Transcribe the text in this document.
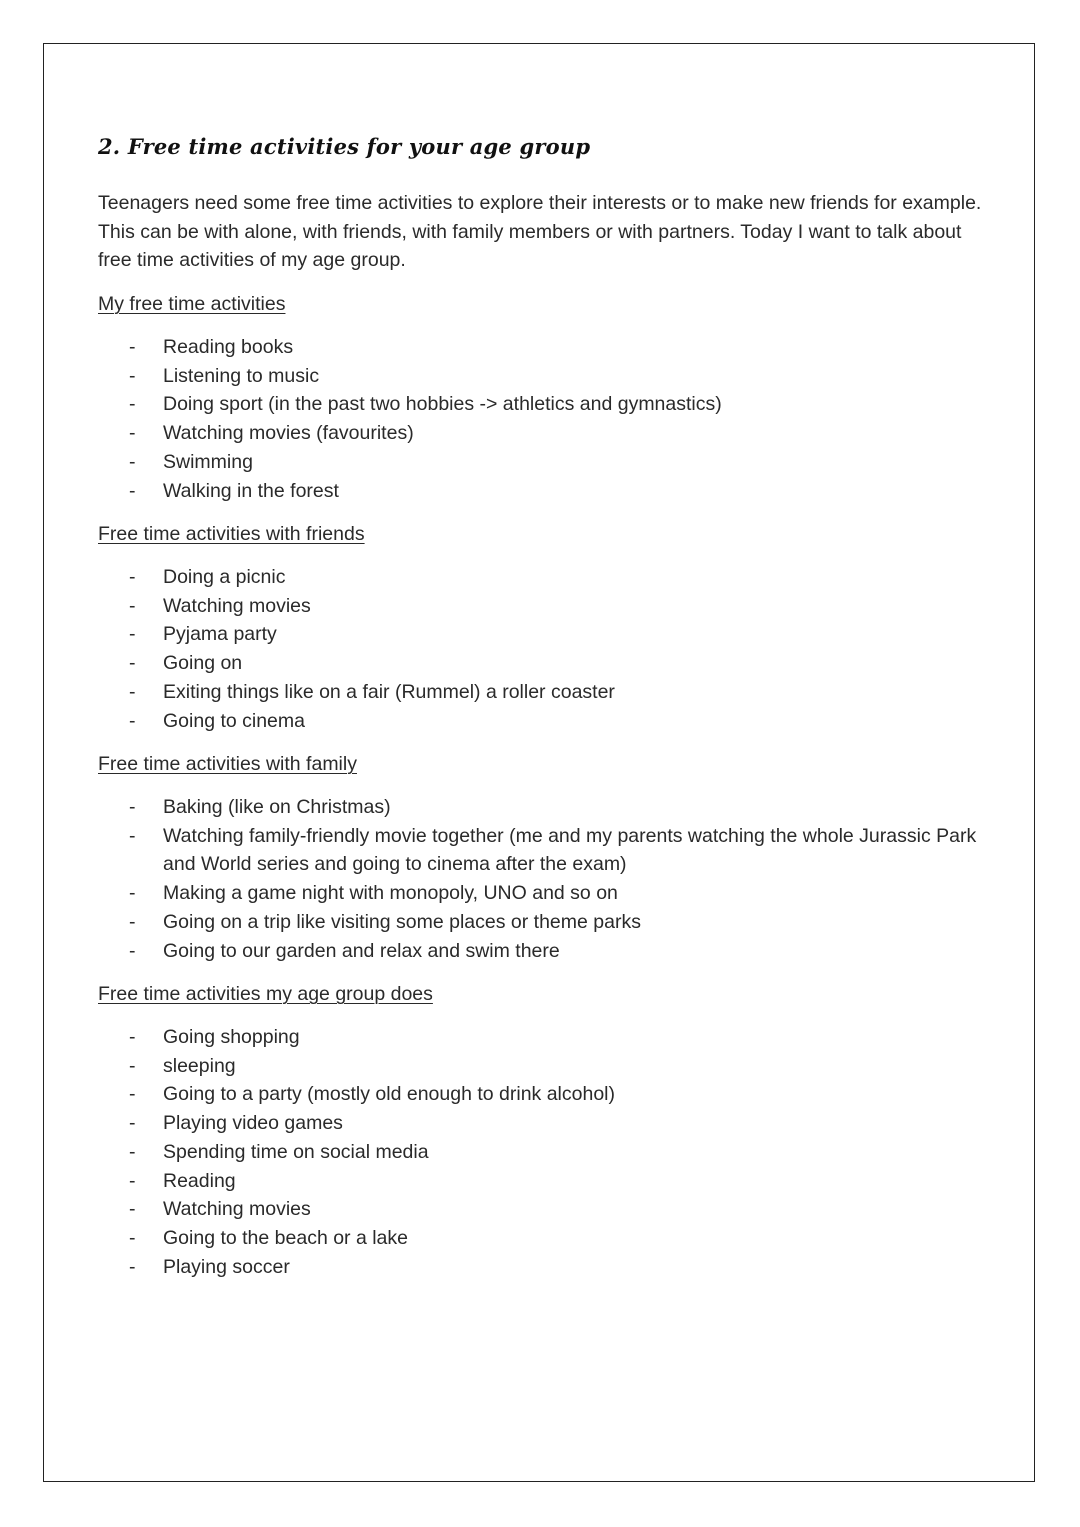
2. Free time activities for your age group

Teenagers need some free time activities to explore their interests or to make new friends for example. This can be with alone, with friends, with family members or with partners. Today I want to talk about free time activities of my age group.

My free time activities

- Reading books
- Listening to music
- Doing sport (in the past two hobbies -> athletics and gymnastics)
- Watching movies (favourites)
- Swimming
- Walking in the forest

Free time activities with friends

- Doing a picnic
- Watching movies
- Pyjama party
- Going on
- Exiting things like on a fair (Rummel) a roller coaster
- Going to cinema

Free time activities with family

- Baking (like on Christmas)
- Watching family-friendly movie together (me and my parents watching the whole Jurassic Park and World series and going to cinema after the exam)
- Making a game night with monopoly, UNO and so on
- Going on a trip like visiting some places or theme parks
- Going to our garden and relax and swim there

Free time activities my age group does

- Going shopping
- sleeping
- Going to a party (mostly old enough to drink alcohol)
- Playing video games
- Spending time on social media
- Reading
- Watching movies
- Going to the beach or a lake
- Playing soccer
